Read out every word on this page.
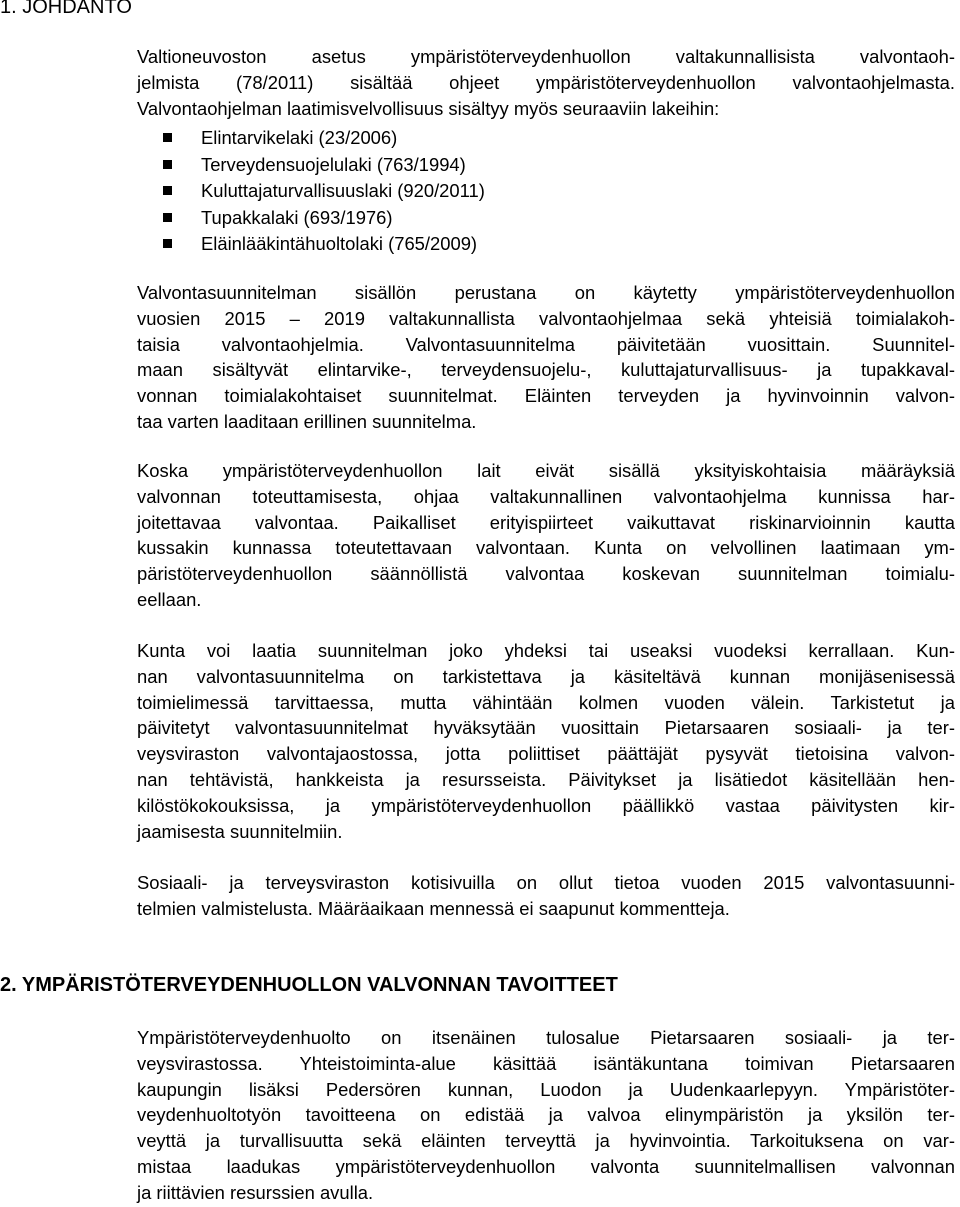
1. JOHDANTO
Valtioneuvoston asetus ympäristöterveydenhuollon valtakunnallisista valvontaoh-
jelmista (78/2011) sisältää ohjeet ympäristöterveydenhuollon valvontaohjelmasta.
Valvontaohjelman laatimisvelvollisuus sisältyy myös seuraaviin lakeihin:
Elintarvikelaki (23/2006)
Terveydensuojelulaki (763/1994)
Kuluttajaturvallisuuslaki (920/2011)
Tupakkalaki (693/1976)
Eläinlääkintähuoltolaki (765/2009)
Valvontasuunnitelman sisällön perustana on käytetty ympäristöterveydenhuollon
vuosien 2015 – 2019 valtakunnallista valvontaohjelmaa sekä yhteisiä toimialakoh-
taisia valvontaohjelmia. Valvontasuunnitelma päivitetään vuosittain. Suunnitel-
maan sisältyvät elintarvike-, terveydensuojelu-, kuluttajaturvallisuus- ja tupakkaval-
vonnan toimialakohtaiset suunnitelmat. Eläinten terveyden ja hyvinvoinnin valvon-
taa varten laaditaan erillinen suunnitelma.
Koska ympäristöterveydenhuollon lait eivät sisällä yksityiskohtaisia määräyksiä
valvonnan toteuttamisesta, ohjaa valtakunnallinen valvontaohjelma kunnissa har-
joitettavaa valvontaa. Paikalliset erityispiirteet vaikuttavat riskinarvioinnin kautta
kussakin kunnassa toteutettavaan valvontaan. Kunta on velvollinen laatimaan ym-
päristöterveydenhuollon säännöllistä valvontaa koskevan suunnitelman toimialu-
eellaan.
Kunta voi laatia suunnitelman joko yhdeksi tai useaksi vuodeksi kerrallaan. Kun-
nan valvontasuunnitelma on tarkistettava ja käsiteltävä kunnan monijäsenisessä
toimielimessä tarvittaessa, mutta vähintään kolmen vuoden välein. Tarkistetut ja
päivitetyt valvontasuunnitelmat hyväksytään vuosittain Pietarsaaren sosiaali- ja ter-
veysviraston valvontajaostossa, jotta poliittiset päättäjät pysyvät tietoisina valvon-
nan tehtävistä, hankkeista ja resursseista. Päivitykset ja lisätiedot käsitellään hen-
kilöstökokouksissa, ja ympäristöterveydenhuollon päällikkö vastaa päivitysten kir-
jaamisesta suunnitelmiin.
Sosiaali- ja terveysviraston kotisivuilla on ollut tietoa vuoden 2015 valvontasuunni-
telmien valmistelusta. Määräaikaan mennessä ei saapunut kommentteja.
2. YMPÄRISTÖTERVEYDENHUOLLON VALVONNAN TAVOITTEET
Ympäristöterveydenhuolto on itsenäinen tulosalue Pietarsaaren sosiaali- ja ter-
veysvirastossa. Yhteistoiminta-alue käsittää isäntäkuntana toimivan Pietarsaaren
kaupungin lisäksi Pedersören kunnan, Luodon ja Uudenkaarlepyyn. Ympäristöter-
veydenhuoltotyön tavoitteena on edistää ja valvoa elinympäristön ja yksilön ter-
veyttä ja turvallisuutta sekä eläinten terveyttä ja hyvinvointia. Tarkoituksena on var-
mistaa laadukas ympäristöterveydenhuollon valvonta suunnitelmallisen valvonnan
ja riittävien resurssien avulla.
